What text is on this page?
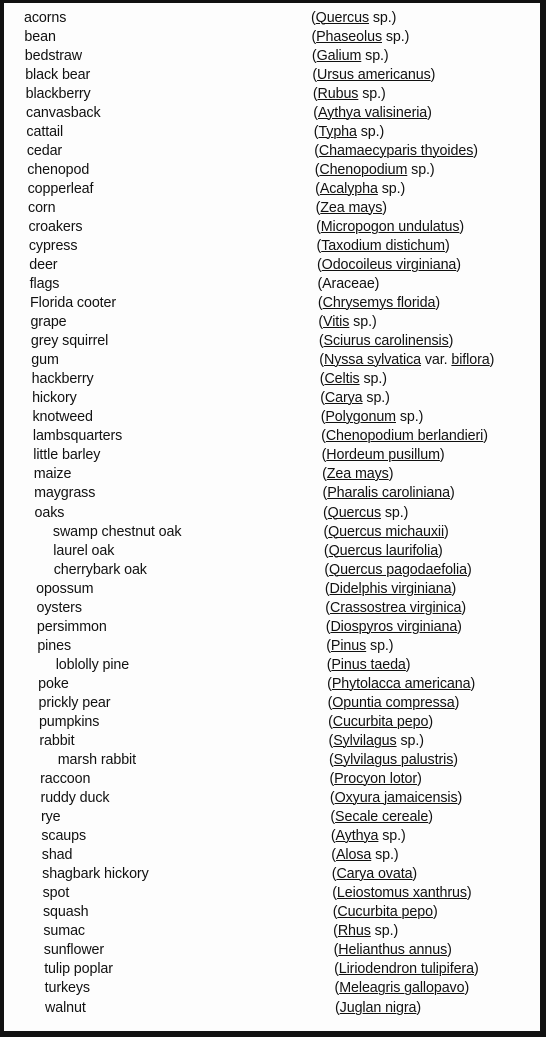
acorns	(Quercus sp.)
bean	(Phaseolus sp.)
bedstraw	(Galium sp.)
black bear	(Ursus americanus)
blackberry	(Rubus sp.)
canvasback	(Aythya valisineria)
cattail	(Typha sp.)
cedar	(Chamaecyparis thyoides)
chenopod	(Chenopodium sp.)
copperleaf	(Acalypha sp.)
corn	(Zea mays)
croakers	(Micropogon undulatus)
cypress	(Taxodium distichum)
deer	(Odocoileus virginiana)
flags	(Araceae)
Florida cooter	(Chrysemys florida)
grape	(Vitis sp.)
grey squirrel	(Sciurus carolinensis)
gum	(Nyssa sylvatica var. biflora)
hackberry	(Celtis sp.)
hickory	(Carya sp.)
knotweed	(Polygonum sp.)
lambsquarters	(Chenopodium berlandieri)
little barley	(Hordeum pusillum)
maize	(Zea mays)
maygrass	(Pharalis caroliniana)
oaks	(Quercus sp.)
swamp chestnut oak	(Quercus michauxii)
laurel oak	(Quercus laurifolia)
cherrybark oak	(Quercus pagodaefolia)
opossum	(Didelphis virginiana)
oysters	(Crassostrea virginica)
persimmon	(Diospyros virginiana)
pines	(Pinus sp.)
loblolly pine	(Pinus taeda)
poke	(Phytolacca americana)
prickly pear	(Opuntia compressa)
pumpkins	(Cucurbita pepo)
rabbit	(Sylvilagus sp.)
marsh rabbit	(Sylvilagus palustris)
raccoon	(Procyon lotor)
ruddy duck	(Oxyura jamaicensis)
rye	(Secale cereale)
scaups	(Aythya sp.)
shad	(Alosa sp.)
shagbark hickory	(Carya ovata)
spot	(Leiostomus xanthrus)
squash	(Cucurbita pepo)
sumac	(Rhus sp.)
sunflower	(Helianthus annus)
tulip poplar	(Liriodendron tulipifera)
turkeys	(Meleagris gallopavo)
walnut	(Juglan nigra)
